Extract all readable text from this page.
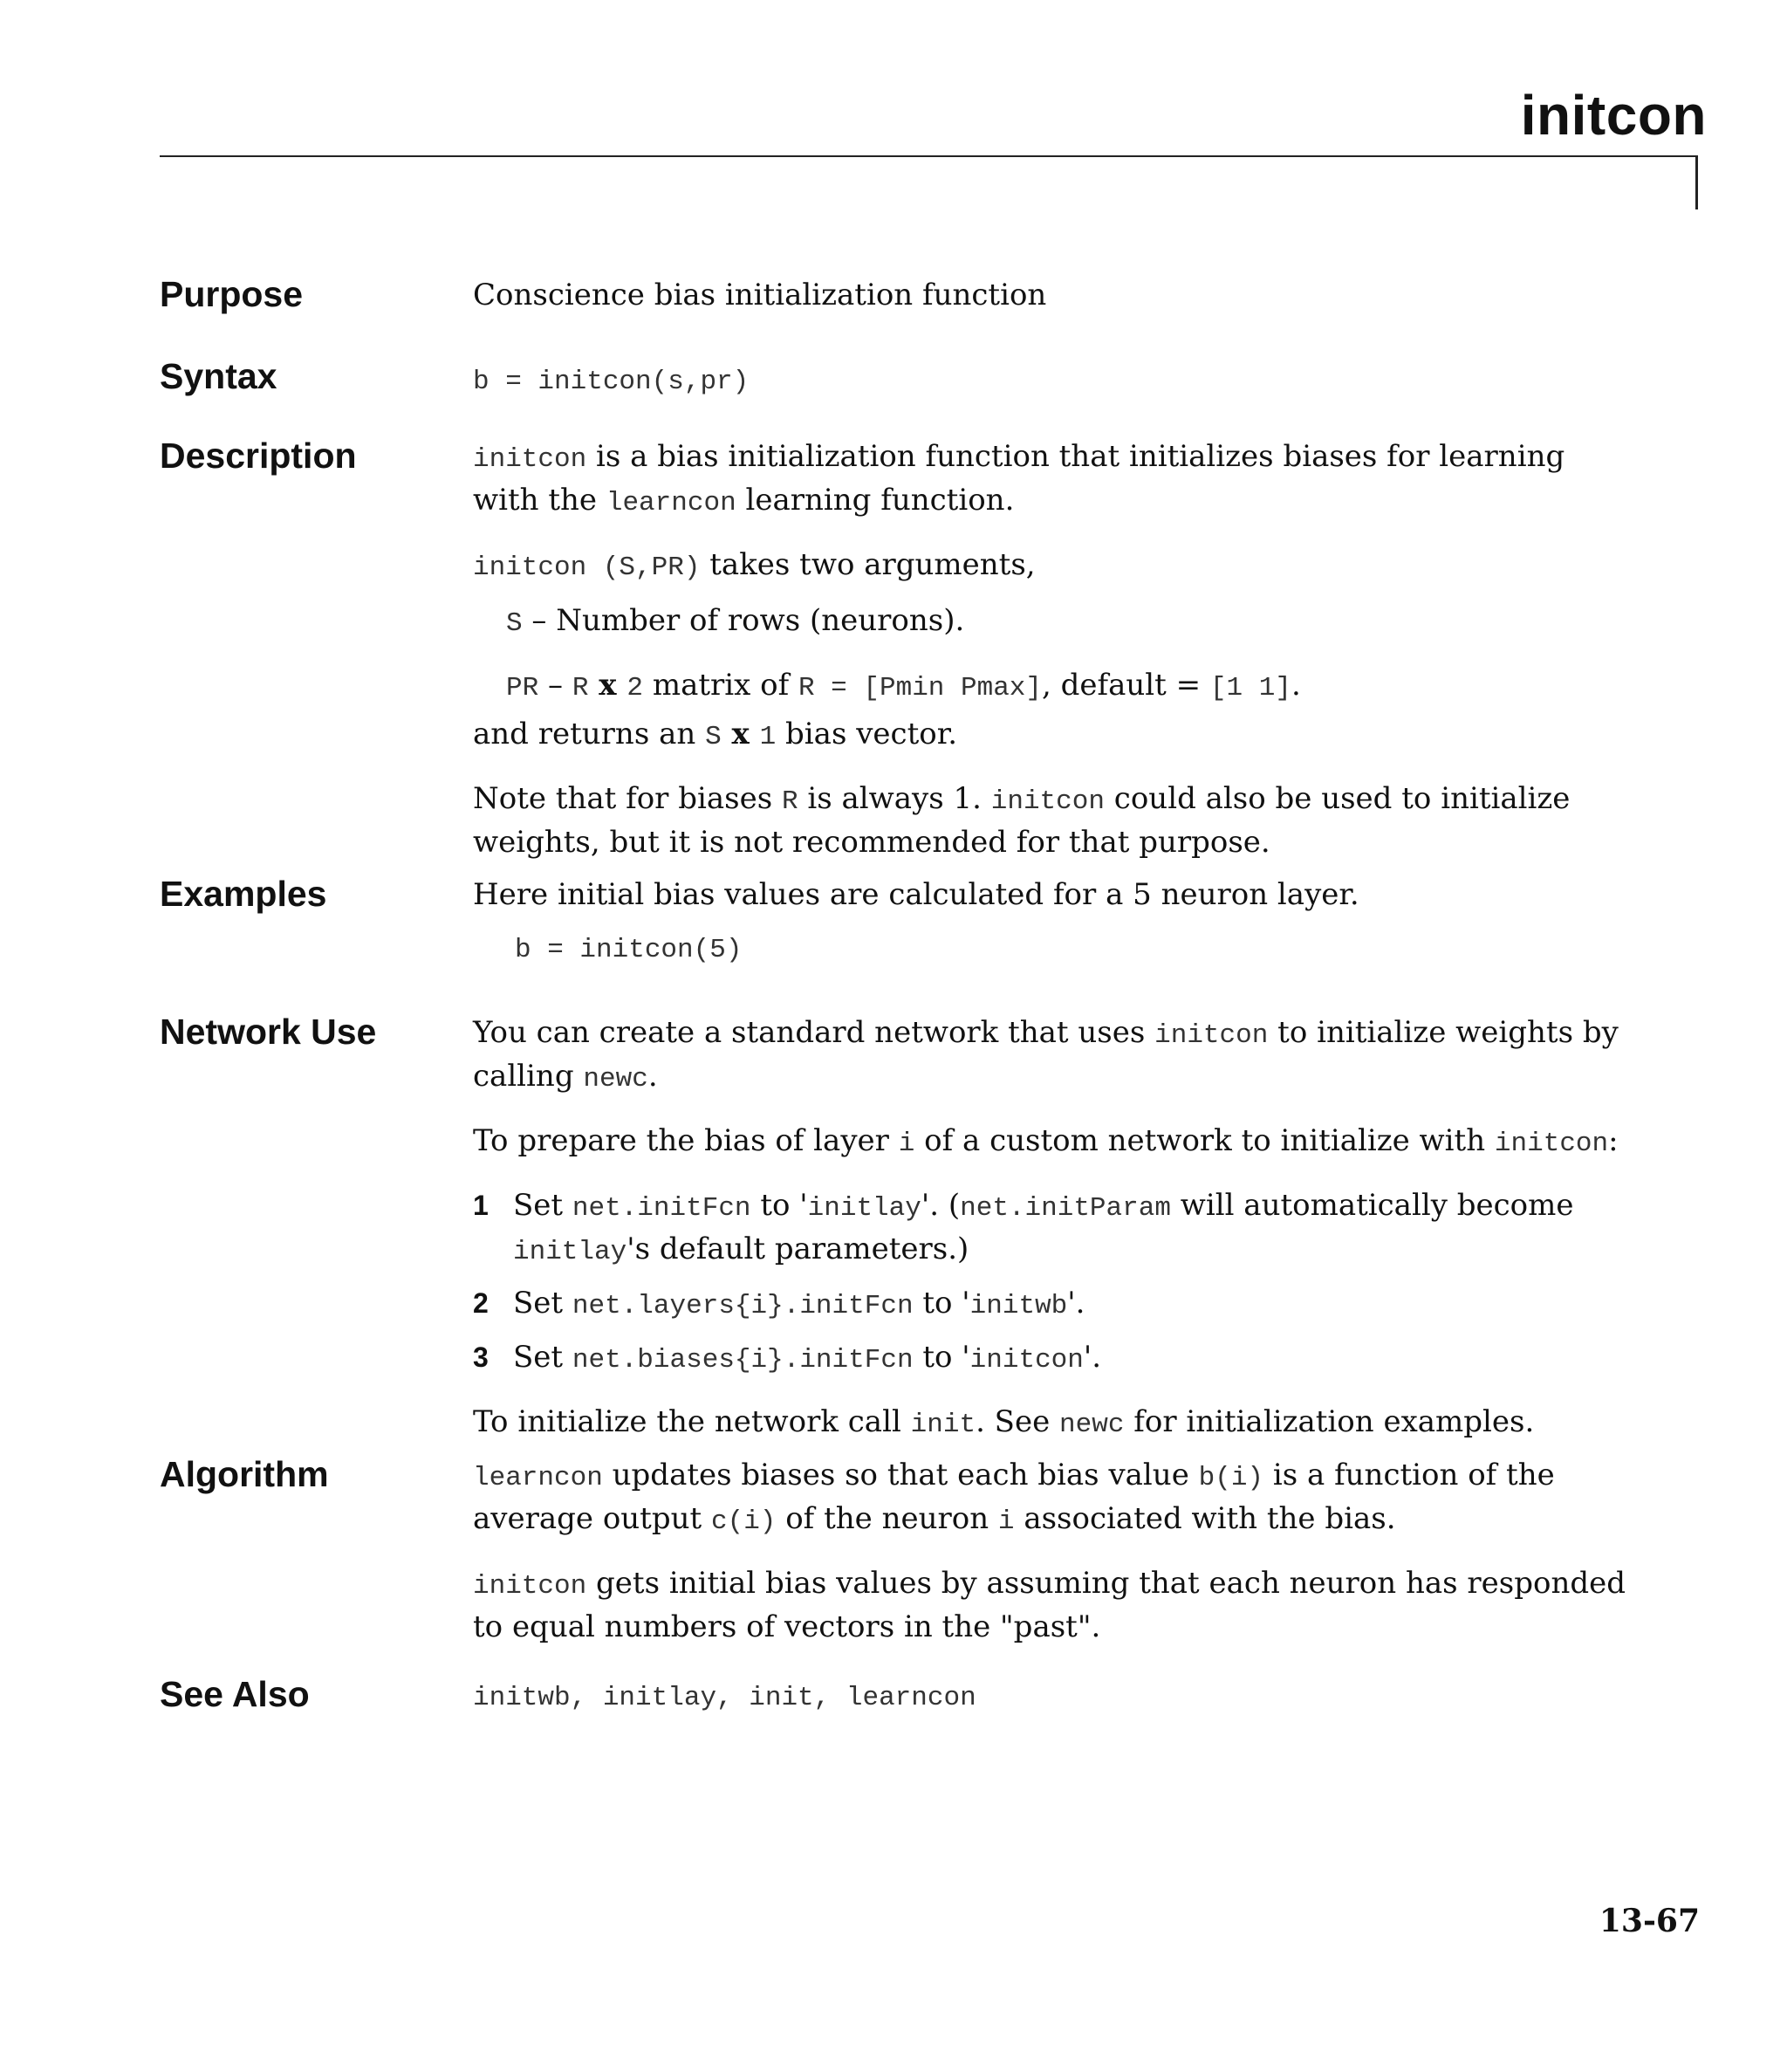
initcon
Purpose	Conscience bias initialization function

Syntax	b = initcon(s,pr)

Description	initcon is a bias initialization function that initializes biases for learning with the learncon learning function.

initcon (S,PR) takes two arguments,

S – Number of rows (neurons).

PR – R x 2 matrix of R = [Pmin Pmax], default = [1 1].

and returns an S x 1 bias vector.

Note that for biases R is always 1. initcon could also be used to initialize weights, but it is not recommended for that purpose.

Examples	Here initial bias values are calculated for a 5 neuron layer.

b = initcon(5)

Network Use	You can create a standard network that uses initcon to initialize weights by calling newc.

To prepare the bias of layer i of a custom network to initialize with initcon:

1 Set net.initFcn to 'initlay'. (net.initParam will automatically become initlay's default parameters.)
2 Set net.layers{i}.initFcn to 'initwb'.
3 Set net.biases{i}.initFcn to 'initcon'.

To initialize the network call init. See newc for initialization examples.

Algorithm	learncon updates biases so that each bias value b(i) is a function of the average output c(i) of the neuron i associated with the bias.

initcon gets initial bias values by assuming that each neuron has responded to equal numbers of vectors in the "past".

See Also	initwb, initlay, init, learncon

13-67
